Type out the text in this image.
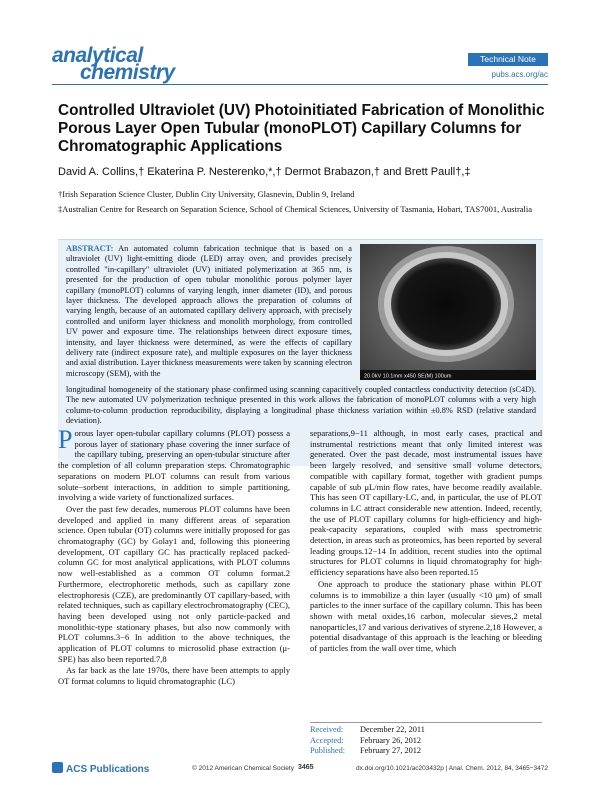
analytical
chemistry
Technical Note
pubs.acs.org/ac
Controlled Ultraviolet (UV) Photoinitiated Fabrication of Monolithic Porous Layer Open Tubular (monoPLOT) Capillary Columns for Chromatographic Applications
David A. Collins,† Ekaterina P. Nesterenko,*,† Dermot Brabazon,† and Brett Paull†,‡
†Irish Separation Science Cluster, Dublin City University, Glasnevin, Dublin 9, Ireland
‡Australian Centre for Research on Separation Science, School of Chemical Sciences, University of Tasmania, Hobart, TAS7001, Australia

ABSTRACT: An automated column fabrication technique that is based on a ultraviolet (UV) light-emitting diode (LED) array oven, and provides precisely controlled "in-capillary" ultraviolet (UV) initiated polymerization at 365 nm, is presented for the production of open tubular monolithic porous polymer layer capillary (monoPLOT) columns of varying length, inner diameter (ID), and porous layer thickness. The developed approach allows the preparation of columns of varying length, because of an automated capillary delivery approach, with precisely controlled and uniform layer thickness and monolith morphology, from controlled UV power and exposure time. The relationships between direct exposure times, intensity, and layer thickness were determined, as were the effects of capillary delivery rate (indirect exposure rate), and multiple exposures on the layer thickness and axial distribution. Layer thickness measurements were taken by scanning electron microscopy (SEM), with the	20.0kV 10.1mm x450 SE(M) 100um

longitudinal homogeneity of the stationary phase confirmed using scanning capacitively coupled contactless conductivity detection (sC4D). The new automated UV polymerization technique presented in this work allows the fabrication of monoPLOT columns with a very high column-to-column production reproducibility, displaying a longitudinal phase thickness variation within ±0.8% RSD (relative standard deviation).

Porous layer open-tubular capillary columns (PLOT) possess a porous layer of stationary phase covering the inner surface of the capillary tubing, preserving an open-tubular structure after the completion of all column preparation steps. Chromatographic separations on modern PLOT columns can result from various solute−sorbent interactions, in addition to simple partitioning, involving a wide variety of functionalized surfaces.

Over the past few decades, numerous PLOT columns have been developed and applied in many different areas of separation science. Open tubular (OT) columns were initially proposed for gas chromatography (GC) by Golay1 and, following this pioneering development, OT capillary GC has practically replaced packed-column GC for most analytical applications, with PLOT columns now well-established as a common OT column format.2 Furthermore, electrophoretic methods, such as capillary zone electrophoresis (CZE), are predominantly OT capillary-based, with related techniques, such as capillary electrochromatography (CEC), having been developed using not only particle-packed and monolithic-type stationary phases, but also now commonly with PLOT columns.3−6 In addition to the above techniques, the application of PLOT columns to microsolid phase extraction (μ-SPE) has also been reported.7,8

As far back as the late 1970s, there have been attempts to apply OT format columns to liquid chromatographic (LC)

separations,9−11 although, in most early cases, practical and instrumental restrictions meant that only limited interest was generated. Over the past decade, most instrumental issues have been largely resolved, and sensitive small volume detectors, compatible with capillary format, together with gradient pumps capable of sub μL/min flow rates, have become readily available. This has seen OT capillary-LC, and, in particular, the use of PLOT columns in LC attract considerable new attention. Indeed, recently, the use of PLOT capillary columns for high-efficiency and high-peak-capacity separations, coupled with mass spectrometric detection, in areas such as proteomics, has been reported by several leading groups.12−14 In addition, recent studies into the optimal structures for PLOT columns in liquid chromatography for high-efficiency separations have also been reported.15

One approach to produce the stationary phase within PLOT columns is to immobilize a thin layer (usually <10 μm) of small particles to the inner surface of the capillary column. This has been shown with metal oxides,16 carbon, molecular sieves,2 metal nanoparticles,17 and various derivatives of styrene.2,18 However, a potential disadvantage of this approach is the leaching or bleeding of particles from the wall over time, which

Received: December 22, 2011
Accepted: February 26, 2012
Published: February 27, 2012
ACS Publications	© 2012 American Chemical Society 3465	dx.doi.org/10.1021/ac203432p | Anal. Chem. 2012, 84, 3465−3472
